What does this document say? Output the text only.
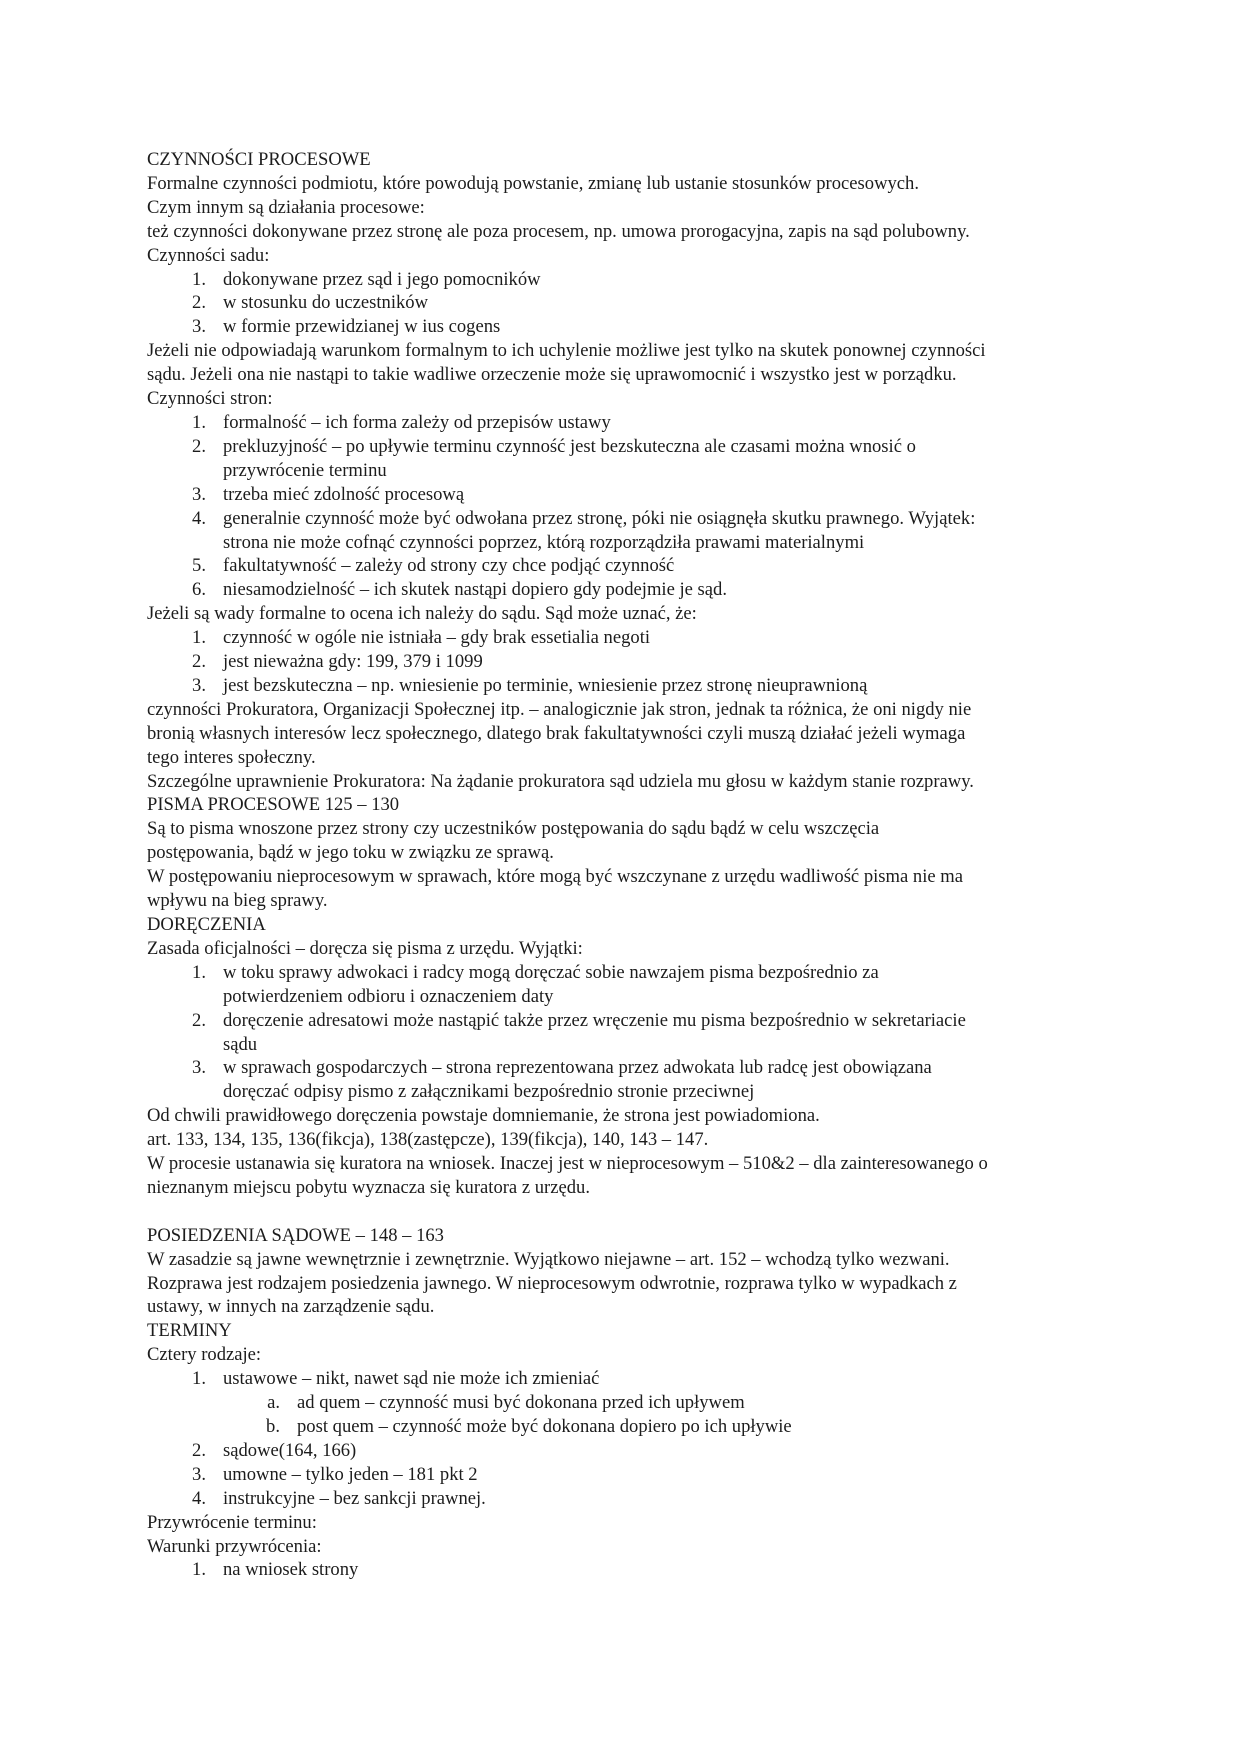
CZYNNOŚCI PROCESOWE
Formalne czynności podmiotu, które powodują powstanie, zmianę lub ustanie stosunków procesowych.
Czym innym są działania procesowe:
też czynności dokonywane przez stronę ale poza procesem, np. umowa prorogacyjna, zapis na sąd polubowny.
Czynności sadu:
1. dokonywane przez sąd i jego pomocników
2. w stosunku do uczestników
3. w formie przewidzianej w ius cogens
Jeżeli nie odpowiadają warunkom formalnym to ich uchylenie możliwe jest tylko na skutek ponownej czynności
sądu. Jeżeli ona nie nastąpi to takie wadliwe orzeczenie może się uprawomocnić i wszystko jest w porządku.
Czynności stron:
1. formalność – ich forma zależy od przepisów ustawy
2. prekluzyjność – po upływie terminu czynność jest bezskuteczna ale czasami można wnosić o
przywrócenie terminu
3. trzeba mieć zdolność procesową
4. generalnie czynność może być odwołana przez stronę, póki nie osiągnęła skutku prawnego. Wyjątek:
strona nie może cofnąć czynności poprzez, którą rozporządziła prawami materialnymi
5. fakultatywność – zależy od strony czy chce podjąć czynność
6. niesamodzielność – ich skutek nastąpi dopiero gdy podejmie je sąd.
Jeżeli są wady formalne to ocena ich należy do sądu. Sąd może uznać, że:
1. czynność w ogóle nie istniała – gdy brak essetialia negoti
2. jest nieważna gdy: 199, 379 i 1099
3. jest bezskuteczna – np. wniesienie po terminie, wniesienie przez stronę nieuprawnioną
czynności Prokuratora, Organizacji Społecznej itp. – analogicznie jak stron, jednak ta różnica, że oni nigdy nie
bronią własnych interesów lecz społecznego, dlatego brak fakultatywności czyli muszą działać jeżeli wymaga
tego interes społeczny.
Szczególne uprawnienie Prokuratora: Na żądanie prokuratora sąd udziela mu głosu w każdym stanie rozprawy.
PISMA PROCESOWE 125 – 130
Są to pisma wnoszone przez strony czy uczestników postępowania do sądu bądź w celu wszczęcia
postępowania, bądź w jego toku w związku ze sprawą.
W postępowaniu nieprocesowym w sprawach, które mogą być wszczynane z urzędu wadliwość pisma nie ma
wpływu na bieg sprawy.
DORĘCZENIA
Zasada oficjalności – doręcza się pisma z urzędu. Wyjątki:
1. w toku sprawy adwokaci i radcy mogą doręczać sobie nawzajem pisma bezpośrednio za
potwierdzeniem odbioru i oznaczeniem daty
2. doręczenie adresatowi może nastąpić także przez wręczenie mu pisma bezpośrednio w sekretariacie
sądu
3. w sprawach gospodarczych – strona reprezentowana przez adwokata lub radcę jest obowiązana
doręczać odpisy pismo z załącznikami bezpośrednio stronie przeciwnej
Od chwili prawidłowego doręczenia powstaje domniemanie, że strona jest powiadomiona.
art. 133, 134, 135, 136(fikcja), 138(zastępcze), 139(fikcja), 140, 143 – 147.
W procesie ustanawia się kuratora na wniosek. Inaczej jest w nieprocesowym – 510&2 – dla zainteresowanego o
nieznanym miejscu pobytu wyznacza się kuratora z urzędu.
POSIEDZENIA SĄDOWE – 148 – 163
W zasadzie są jawne wewnętrznie i zewnętrznie. Wyjątkowo niejawne – art. 152 – wchodzą tylko wezwani.
Rozprawa jest rodzajem posiedzenia jawnego. W nieprocesowym odwrotnie, rozprawa tylko w wypadkach z
ustawy, w innych na zarządzenie sądu.
TERMINY
Cztery rodzaje:
1. ustawowe – nikt, nawet sąd nie może ich zmieniać
a. ad quem – czynność musi być dokonana przed ich upływem
b. post quem – czynność może być dokonana dopiero po ich upływie
2. sądowe(164, 166)
3. umowne – tylko jeden – 181 pkt 2
4. instrukcyjne – bez sankcji prawnej.
Przywrócenie terminu:
Warunki przywrócenia:
1. na wniosek strony
